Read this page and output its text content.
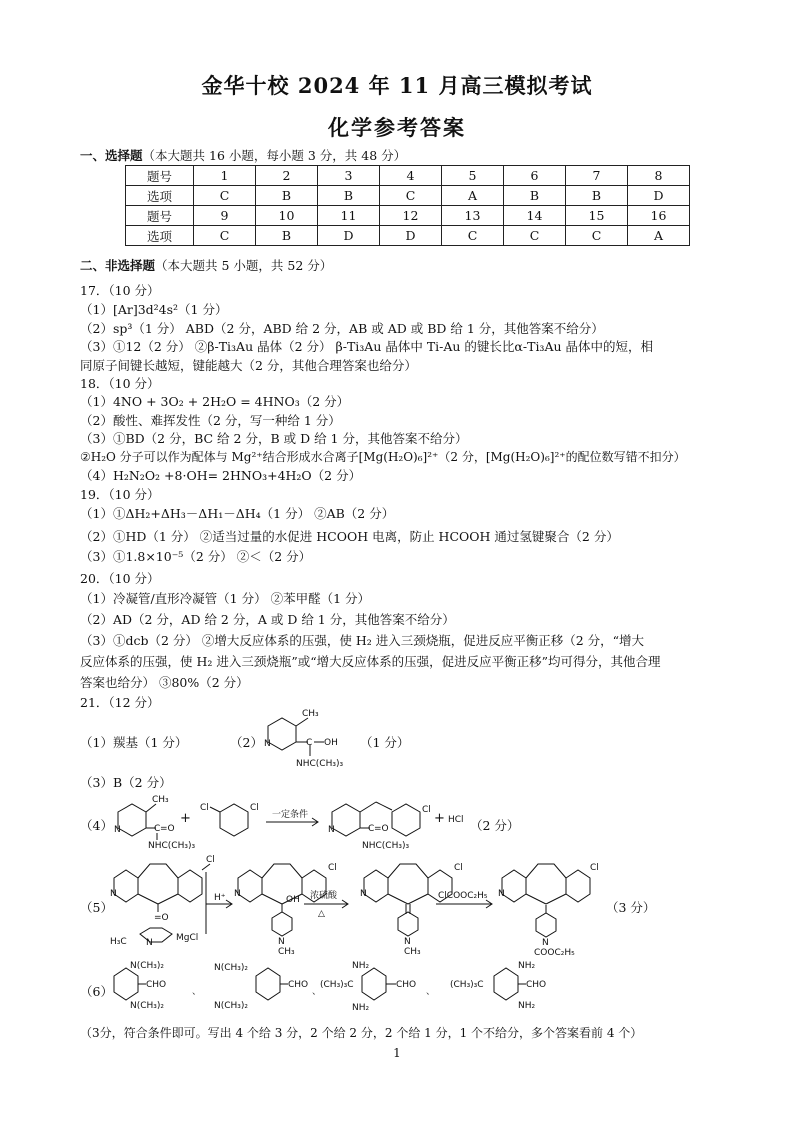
金华十校 2024 年 11 月高三模拟考试
化学参考答案
一、选择题（本大题共 16 小题，每小题 3 分，共 48 分）
题号	1	2	3	4	5	6	7	8
选项	C	B	B	C	A	B	B	D
题号	9	10	11	12	13	14	15	16
选项	C	B	D	D	C	C	C	A
二、非选择题（本大题共 5 小题，共 52 分）
17．（10 分）
（1）[Ar]3d²4s²（1 分）
（2）sp³（1 分） ABD（2 分，ABD 给 2 分，AB 或 AD 或 BD 给 1 分，其他答案不给分）
（3）①12（2 分） ②β-Ti₃Au 晶体（2 分） β-Ti₃Au 晶体中 Ti-Au 的键长比α-Ti₃Au 晶体中的短，相
同原子间键长越短，键能越大（2 分，其他合理答案也给分）
18．（10 分）
（1）4NO + 3O₂ + 2H₂O = 4HNO₃（2 分）
（2）酸性、难挥发性（2 分，写一种给 1 分）
（3）①BD（2 分，BC 给 2 分，B 或 D 给 1 分，其他答案不给分）
②H₂O 分子可以作为配体与 Mg²⁺结合形成水合离子[Mg(H₂O)₆]²⁺（2 分，[Mg(H₂O)₆]²⁺的配位数写错不扣分）
（4）H₂N₂O₂ +8·OH= 2HNO₃+4H₂O（2 分）
19．（10 分）
（1）①ΔH₂+ΔH₃－ΔH₁－ΔH₄（1 分） ②AB（2 分）
（2）①HD（1 分） ②适当过量的水促进 HCOOH 电离，防止 HCOOH 通过氢键聚合（2 分）
（3）①1.8×10⁻⁵（2 分） ②＜（2 分）
20．（10 分）
（1）冷凝管/直形冷凝管（1 分） ②苯甲醛（1 分）
（2）AD（2 分，AD 给 2 分，A 或 D 给 1 分，其他答案不给分）
（3）①dcb（2 分） ②增大反应体系的压强，使 H₂ 进入三颈烧瓶，促进反应平衡正移（2 分，“增大
反应体系的压强，使 H₂ 进入三颈烧瓶”或“增大反应体系的压强，促进反应平衡正移”均可得分，其他合理
答案也给分） ③80%（2 分）
21．（12 分）
（1）羰基（1 分）	（2） N
CH₃
C OH
NHC(CH₃)₃
（1 分）
（3）B（2 分）
（4） N
CH₃
C =O
NHC(CH₃)₃
+
Cl	Cl
一定条件
N
Cl
C =O
NHC(CH₃)₃
+ HCl （2 分）
（5）
N
=O
Cl
H₃C N	MgCl
H⁺ N
OH
Cl
N
CH₃
浓硫酸
△
N
Cl
N
CH₃
ClCOOC₂H₅ N
Cl
N
COOC₂H₅
（3 分）
（6）
N(CH₃)₂
CHO
N(CH₃)₂
、
N(CH₃)₂
CHO
N(CH₃)₂
、
NH₂
(CH₃)₃C	CHO
NH₂
、
(CH₃)₃C
NH₂
CHO
NH₂
（3分，符合条件即可。写出 4 个给 3 分，2 个给 2 分，2 个给 1 分，1 个不给分，多个答案看前 4 个）
1
